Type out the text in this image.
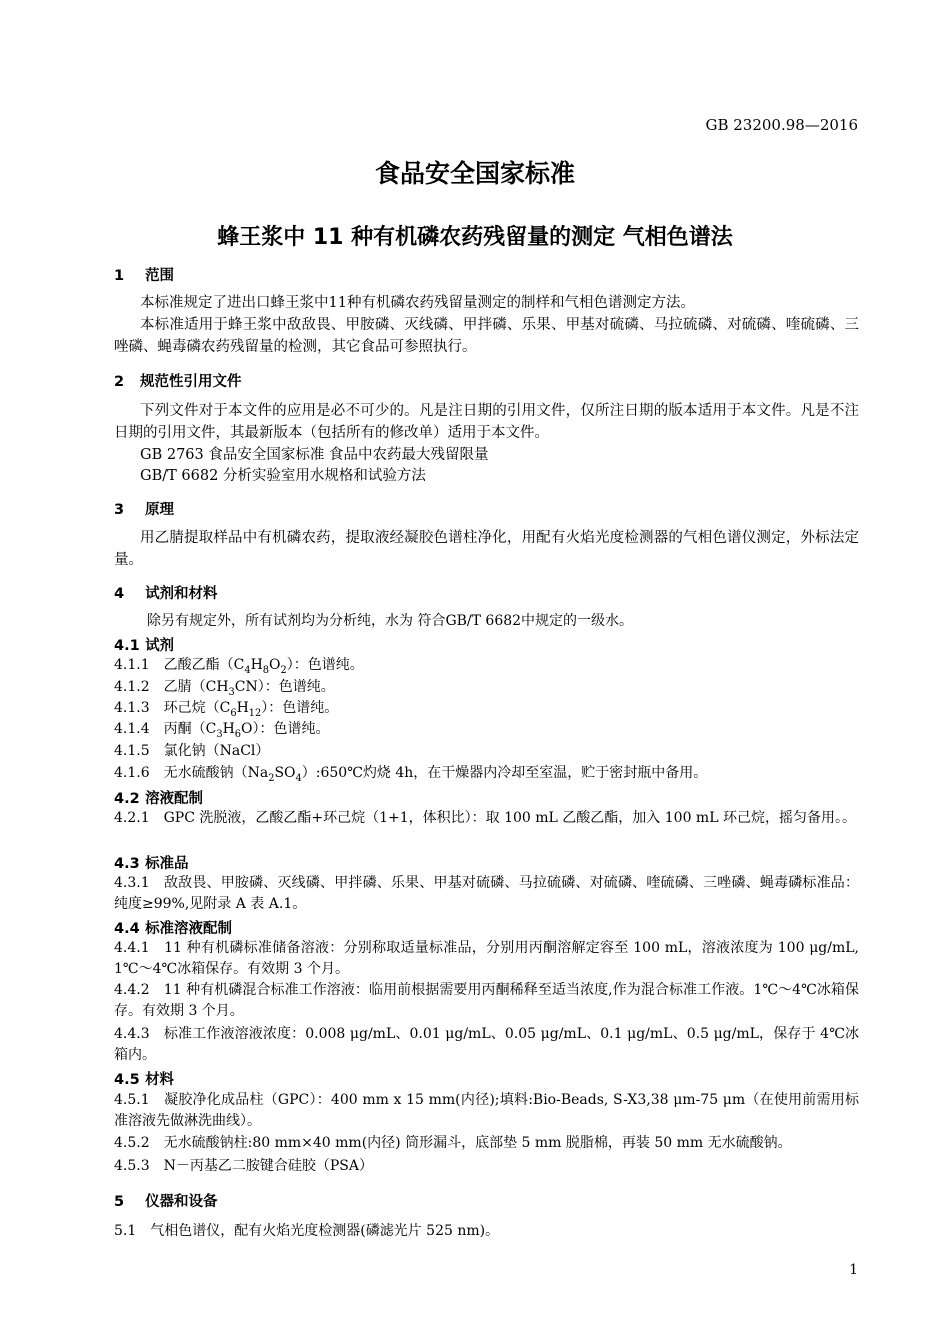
GB 23200.98—2016
食品安全国家标准
蜂王浆中 11 种有机磷农药残留量的测定 气相色谱法
1 范围
本标准规定了进出口蜂王浆中11种有机磷农药残留量测定的制样和气相色谱测定方法。
本标准适用于蜂王浆中敌敌畏、甲胺磷、灭线磷、甲拌磷、乐果、甲基对硫磷、马拉硫磷、对硫磷、喹硫磷、三唑磷、蝇毒磷农药残留量的检测，其它食品可参照执行。
2 规范性引用文件
下列文件对于本文件的应用是必不可少的。凡是注日期的引用文件，仅所注日期的版本适用于本文件。凡是不注日期的引用文件，其最新版本（包括所有的修改单）适用于本文件。
GB 2763 食品安全国家标准 食品中农药最大残留限量
GB/T 6682 分析实验室用水规格和试验方法
3 原理
用乙腈提取样品中有机磷农药，提取液经凝胶色谱柱净化，用配有火焰光度检测器的气相色谱仪测定，外标法定量。
4 试剂和材料
除另有规定外，所有试剂均为分析纯，水为 符合GB/T 6682中规定的一级水。
4.1 试剂
4.1.1　 乙酸乙酯$(C_4H_8O_2)$：色谱纯。
4.1.2　 乙腈$(CH_3CN)$：色谱纯。
4.1.3　 环己烷$(C_6H_{12})$：色谱纯。
4.1.4　 丙酮$(C_3H_6O)$：色谱纯。
4.1.5　 氯化钠（NaCl）
4.1.6　 无水硫酸钠$(Na_2SO_4):650℃$灼烧 4h，在干燥器内冷却至室温，贮于密封瓶中备用。
4.2 溶液配制
4.2.1　 GPC 洗脱液，乙酸乙酯+环己烷（1+1，体积比）：取 100 mL 乙酸乙酯，加入 100 mL 环己烷，摇匀备用。。
4.3 标准品
4.3.1　 敌敌畏、甲胺磷、灭线磷、甲拌磷、乐果、甲基对硫磷、马拉硫磷、对硫磷、喹硫磷、三唑磷、蝇毒磷标准品：纯度≥99%,见附录 A 表 A.1。
4.4 标准溶液配制
4.4.1　 11 种有机磷标准储备溶液：分别称取适量标准品，分别用丙酮溶解定容至 100 mL，溶液浓度为 100 μg/mL, 1℃～4℃冰箱保存。有效期 3 个月。
4.4.2　 11 种有机磷混合标准工作溶液：临用前根据需要用丙酮稀释至适当浓度,作为混合标准工作液。1℃～4℃冰箱保存。有效期 3 个月。
4.4.3　 标准工作液溶液浓度：0.008 μg/mL、0.01 μg/mL、0.05 μg/mL、0.1 μg/mL、0.5 μg/mL，保存于 4℃冰箱内。
4.5 材料
4.5.1　 凝胶净化成品柱（GPC）：400 mm x 15 mm(内径);填料:Bio-Beads, S-X3,38 μm-75 μm（在使用前需用标准溶液先做淋洗曲线）。
4.5.2　 无水硫酸钠柱:80 mm×40 mm(内径) 筒形漏斗，底部垫 5 mm 脱脂棉，再装 50 mm 无水硫酸钠。
4.5.3　 N－丙基乙二胺键合硅胶（PSA）
5 仪器和设备
5.1　 气相色谱仪，配有火焰光度检测器(磷滤光片 525 nm)。
1
